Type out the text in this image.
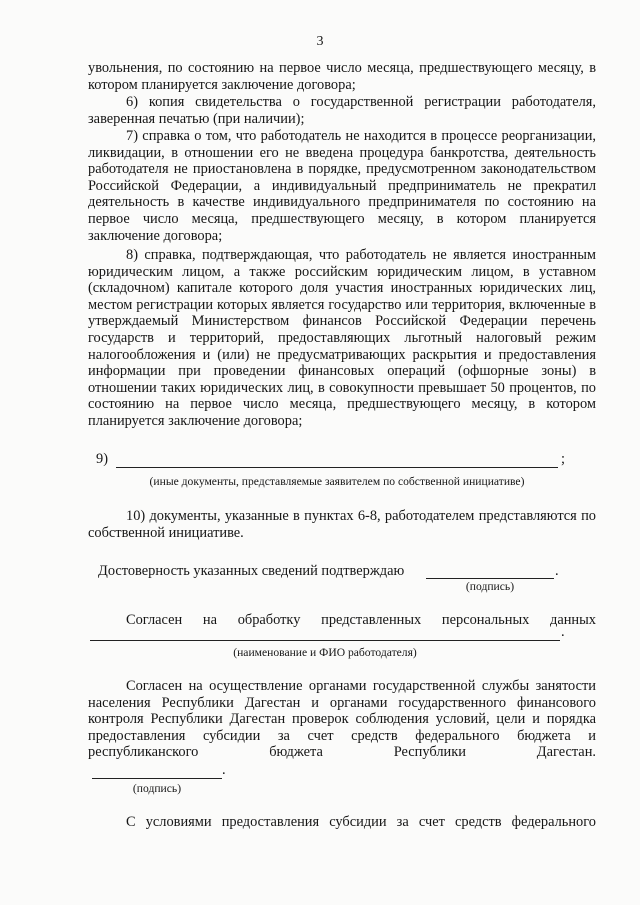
3

увольнения, по состоянию на первое число месяца, предшествующего месяцу, в котором планируется заключение договора;

6) копия свидетельства о государственной регистрации работодателя, заверенная печатью (при наличии);

7) справка о том, что работодатель не находится в процессе реорганизации, ликвидации, в отношении его не введена процедура банкротства, деятельность работодателя не приостановлена в порядке, предусмотренном законодательством Российской Федерации, а индивидуальный предприниматель не прекратил деятельность в качестве индивидуального предпринимателя по состоянию на первое число месяца, предшествующего месяцу, в котором планируется заключение договора;

8) справка, подтверждающая, что работодатель не является иностранным юридическим лицом, а также российским юридическим лицом, в уставном (складочном) капитале которого доля участия иностранных юридических лиц, местом регистрации которых является государство или территория, включенные в утверждаемый Министерством финансов Российской Федерации перечень государств и территорий, предоставляющих льготный налоговый режим налогообложения и (или) не предусматривающих раскрытия и предоставления информации при проведении финансовых операций (офшорные зоны) в отношении таких юридических лиц, в совокупности превышает 50 процентов, по состоянию на первое число месяца, предшествующего месяцу, в котором планируется заключение договора;

9)	;
(иные документы, представляемые заявителем по собственной инициативе)

10) документы, указанные в пунктах 6-8, работодателем представляются по собственной инициативе.

Достоверность указанных сведений подтверждаю	.
(подпись)

Согласен на обработку представленных персональных данных

.
(наименование и ФИО работодателя)

Согласен на осуществление органами государственной службы занятости населения Республики Дагестан и органами государственного финансового контроля Республики Дагестан проверок соблюдения условий, цели и порядка предоставления субсидии за счет средств федерального бюджета и республиканского бюджета Республики Дагестан.

.
(подпись)

С условиями предоставления субсидии за счет средств федерального
